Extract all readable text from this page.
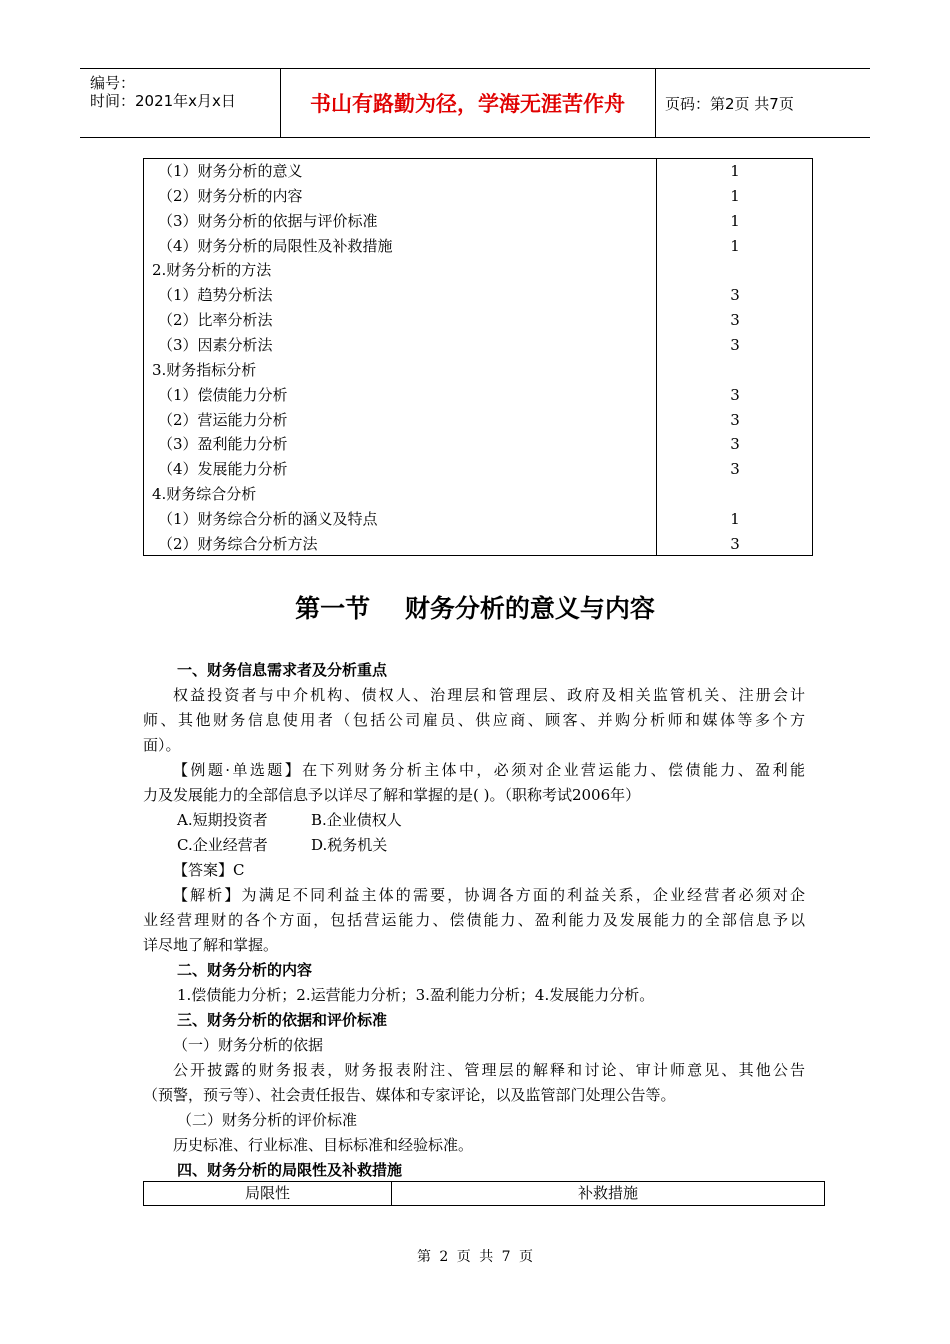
编号：
时间：2021年x月x日	书山有路勤为径，学海无涯苦作舟	页码：第2页 共7页
（1）财务分析的意义	1
（2）财务分析的内容	1
（3）财务分析的依据与评价标准	1
（4）财务分析的局限性及补救措施	1
2.财务分析的方法
（1）趋势分析法	3
（2）比率分析法	3
（3）因素分析法	3
3.财务指标分析
（1）偿债能力分析	3
（2）营运能力分析	3
（3）盈利能力分析	3
（4）发展能力分析	3
4.财务综合分析
（1）财务综合分析的涵义及特点	1
（2）财务综合分析方法	3
第一节    财务分析的意义与内容
一、财务信息需求者及分析重点
权益投资者与中介机构、债权人、治理层和管理层、政府及相关监管机关、注册会计
师、其他财务信息使用者（包括公司雇员、供应商、顾客、并购分析师和媒体等多个方
面）。
【例题·单选题】在下列财务分析主体中，必须对企业营运能力、偿债能力、盈利能
力及发展能力的全部信息予以详尽了解和掌握的是( )。（职称考试2006年）
A.短期投资者	B.企业债权人
C.企业经营者	D.税务机关
【答案】C
【解析】为满足不同利益主体的需要，协调各方面的利益关系，企业经营者必须对企
业经营理财的各个方面，包括营运能力、偿债能力、盈利能力及发展能力的全部信息予以
详尽地了解和掌握。
二、财务分析的内容
1.偿债能力分析；2.运营能力分析；3.盈利能力分析；4.发展能力分析。
三、财务分析的依据和评价标准
（一）财务分析的依据
公开披露的财务报表，财务报表附注、管理层的解释和讨论、审计师意见、其他公告
（预警，预亏等）、社会责任报告、媒体和专家评论，以及监管部门处理公告等。
（二）财务分析的评价标准
历史标准、行业标准、目标标准和经验标准。
四、财务分析的局限性及补救措施
局限性	补救措施
第 2 页 共 7 页
